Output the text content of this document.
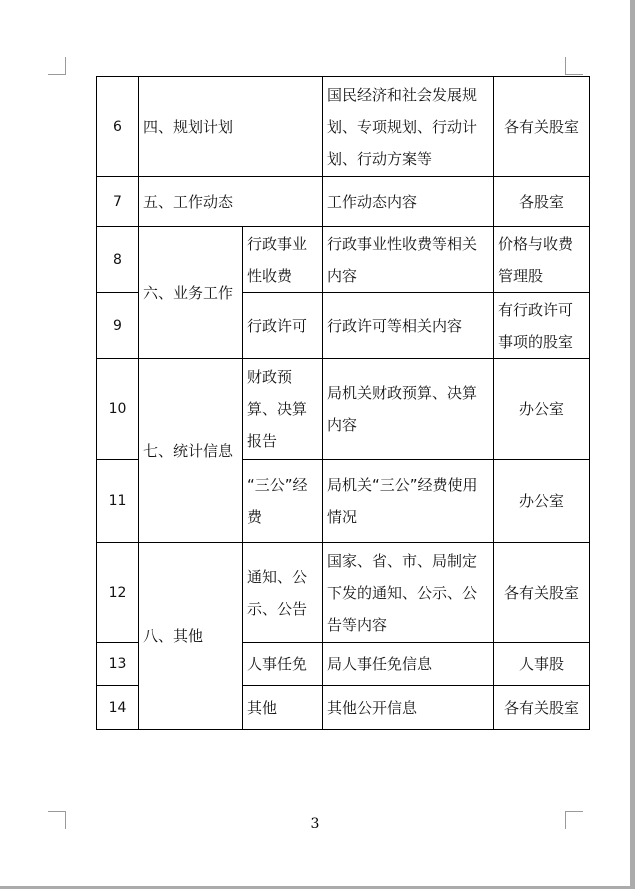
6	四、规划计划		国民经济和社会发展规划、专项规划、行动计划、行动方案等	各有关股室
7	五、工作动态		工作动态内容	各股室
8	六、业务工作	行政事业性收费	行政事业性收费等相关内容	价格与收费管理股
9		行政许可	行政许可等相关内容	有行政许可事项的股室
10	七、统计信息	财政预算、决算报告	局机关财政预算、决算内容	办公室
11		“三公”经费	局机关“三公”经费使用情况	办公室
12	八、其他	通知、公示、公告	国家、省、市、局制定下发的通知、公示、公告等内容	各有关股室
13		人事任免	局人事任免信息	人事股
14		其他	其他公开信息	各有关股室
3
